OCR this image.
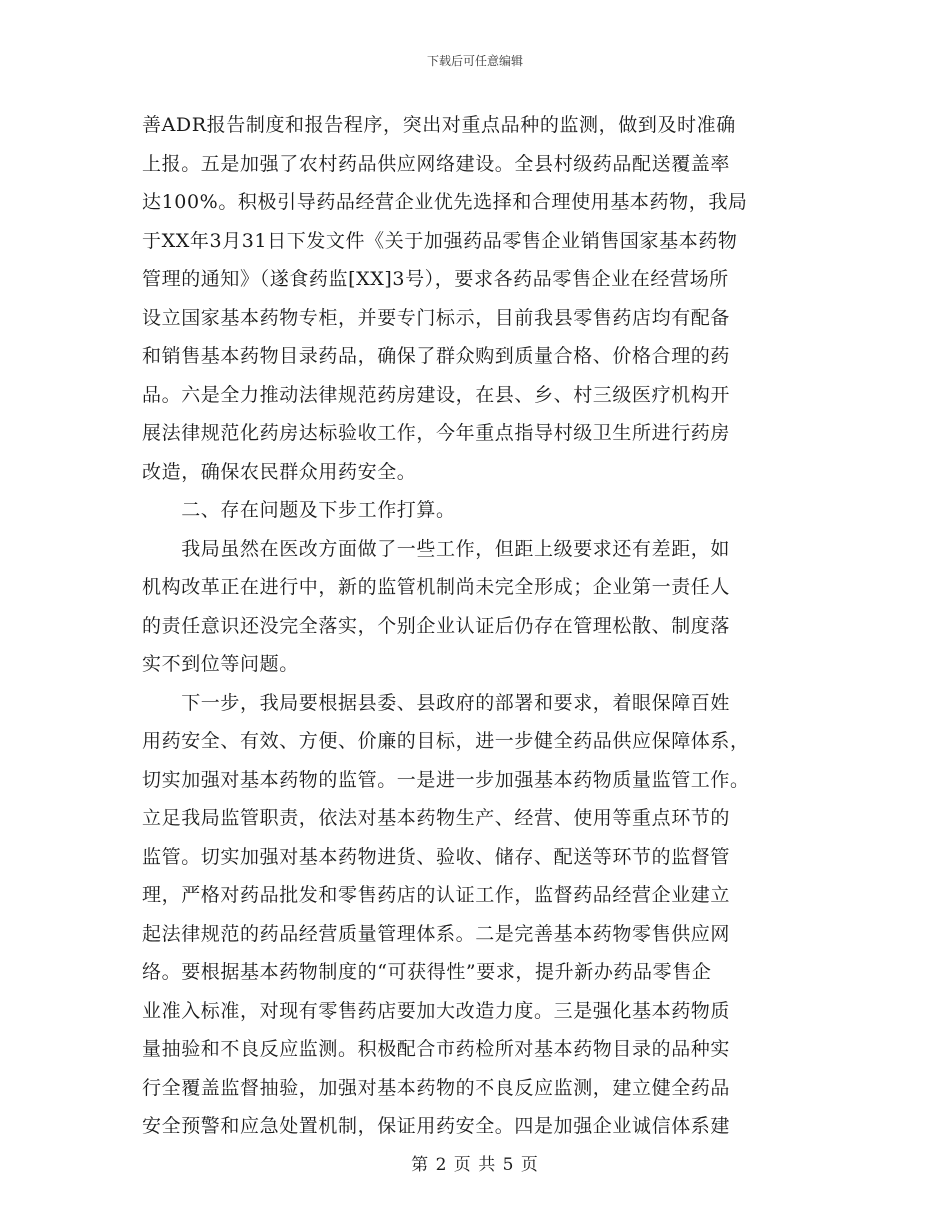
下载后可任意编辑
善ADR报告制度和报告程序，突出对重点品种的监测，做到及时准确
上报。五是加强了农村药品供应网络建设。全县村级药品配送覆盖率
达100%。积极引导药品经营企业优先选择和合理使用基本药物，我局
于XX年3月31日下发文件《关于加强药品零售企业销售国家基本药物
管理的通知》（遂食药监[XX]3号），要求各药品零售企业在经营场所
设立国家基本药物专柜，并要专门标示，目前我县零售药店均有配备
和销售基本药物目录药品，确保了群众购到质量合格、价格合理的药
品。六是全力推动法律规范药房建设，在县、乡、村三级医疗机构开
展法律规范化药房达标验收工作，今年重点指导村级卫生所进行药房
改造，确保农民群众用药安全。
　　二、存在问题及下步工作打算。
　　我局虽然在医改方面做了一些工作，但距上级要求还有差距，如
机构改革正在进行中，新的监管机制尚未完全形成；企业第一责任人
的责任意识还没完全落实，个别企业认证后仍存在管理松散、制度落
实不到位等问题。
　　下一步，我局要根据县委、县政府的部署和要求，着眼保障百姓
用药安全、有效、方便、价廉的目标，进一步健全药品供应保障体系，
切实加强对基本药物的监管。一是进一步加强基本药物质量监管工作。
立足我局监管职责，依法对基本药物生产、经营、使用等重点环节的
监管。切实加强对基本药物进货、验收、储存、配送等环节的监督管
理，严格对药品批发和零售药店的认证工作，监督药品经营企业建立
起法律规范的药品经营质量管理体系。二是完善基本药物零售供应网
络。要根据基本药物制度的“可获得性”要求，提升新办药品零售企
业准入标准，对现有零售药店要加大改造力度。三是强化基本药物质
量抽验和不良反应监测。积极配合市药检所对基本药物目录的品种实
行全覆盖监督抽验，加强对基本药物的不良反应监测，建立健全药品
安全预警和应急处置机制，保证用药安全。四是加强企业诚信体系建
第 2 页 共 5 页
